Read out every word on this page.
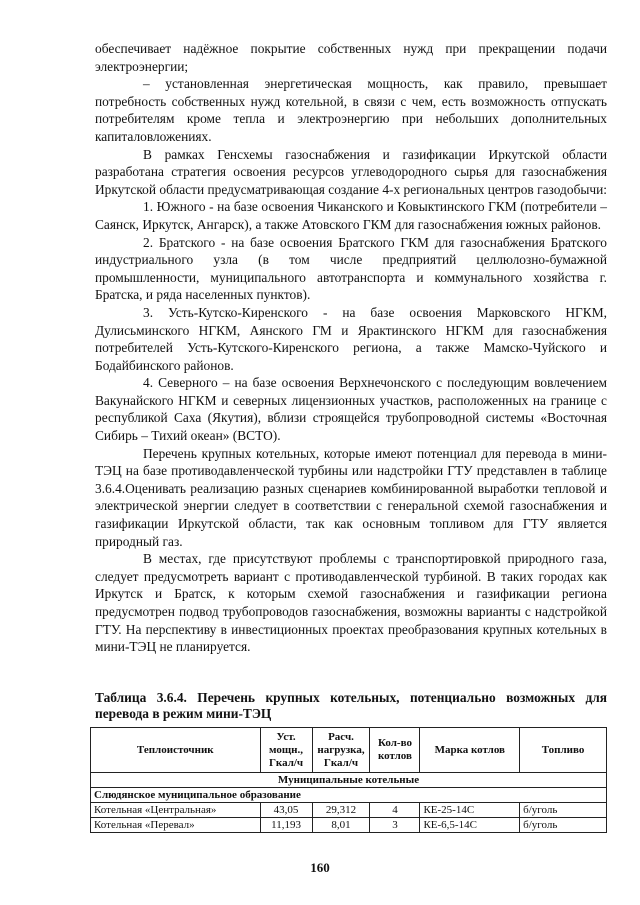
обеспечивает надёжное покрытие собственных нужд при прекращении подачи электроэнергии;

– установленная энергетическая мощность, как правило, превышает потребность собственных нужд котельной, в связи с чем, есть возможность отпускать потребителям кроме тепла и электроэнергию при небольших дополнительных капиталовложениях.

В рамках Генсхемы газоснабжения и газификации Иркутской области разработана стратегия освоения ресурсов углеводородного сырья для газоснабжения Иркутской области предусматривающая создание 4-х региональных центров газодобычи:

1. Южного - на базе освоения Чиканского и Ковыктинского ГКМ (потребители – Саянск, Иркутск, Ангарск), а также Атовского ГКМ для газоснабжения южных районов.

2. Братского - на базе освоения Братского ГКМ для газоснабжения Братского индустриального узла (в том числе предприятий целлюлозно-бумажной промышленности, муниципального автотранспорта и коммунального хозяйства г. Братска, и ряда населенных пунктов).

3. Усть-Кутско-Киренского - на базе освоения Марковского НГКМ, Дулисьминского НГКМ, Аянского ГМ и Ярактинского НГКМ для газоснабжения потребителей Усть-Кутского-Киренского региона, а также Мамско-Чуйского и Бодайбинского районов.

4. Северного – на базе освоения Верхнечонского с последующим вовлечением Вакунайского НГКМ и северных лицензионных участков, расположенных на границе с республикой Саха (Якутия), вблизи строящейся трубопроводной системы «Восточная Сибирь – Тихий океан» (ВСТО).

Перечень крупных котельных, которые имеют потенциал для перевода в мини-ТЭЦ на базе противодавленческой турбины или надстройки ГТУ представлен в таблице 3.6.4.Оценивать реализацию разных сценариев комбинированной выработки тепловой и электрической энергии следует в соответствии с генеральной схемой газоснабжения и газификации Иркутской области, так как основным топливом для ГТУ является природный газ.

В местах, где присутствуют проблемы с транспортировкой природного газа, следует предусмотреть вариант с противодавленческой турбиной. В таких городах как Иркутск и Братск, к которым схемой газоснабжения и газификации региона предусмотрен подвод трубопроводов газоснабжения, возможны варианты с надстройкой ГТУ. На перспективу в инвестиционных проектах преобразования крупных котельных в мини-ТЭЦ не планируется.

Таблица 3.6.4. Перечень крупных котельных, потенциально возможных для перевода в режим мини-ТЭЦ
Теплоисточник	Уст. мощн., Гкал/ч	Расч. нагрузка, Гкал/ч	Кол-во котлов	Марка котлов	Топливо
Муниципальные котельные					
Слюдянское муниципальное образование					
Котельная «Центральная»	43,05	29,312	4	КЕ-25-14С	б/уголь
Котельная «Перевал»	11,193	8,01	3	КЕ-6,5-14С	б/уголь
160
